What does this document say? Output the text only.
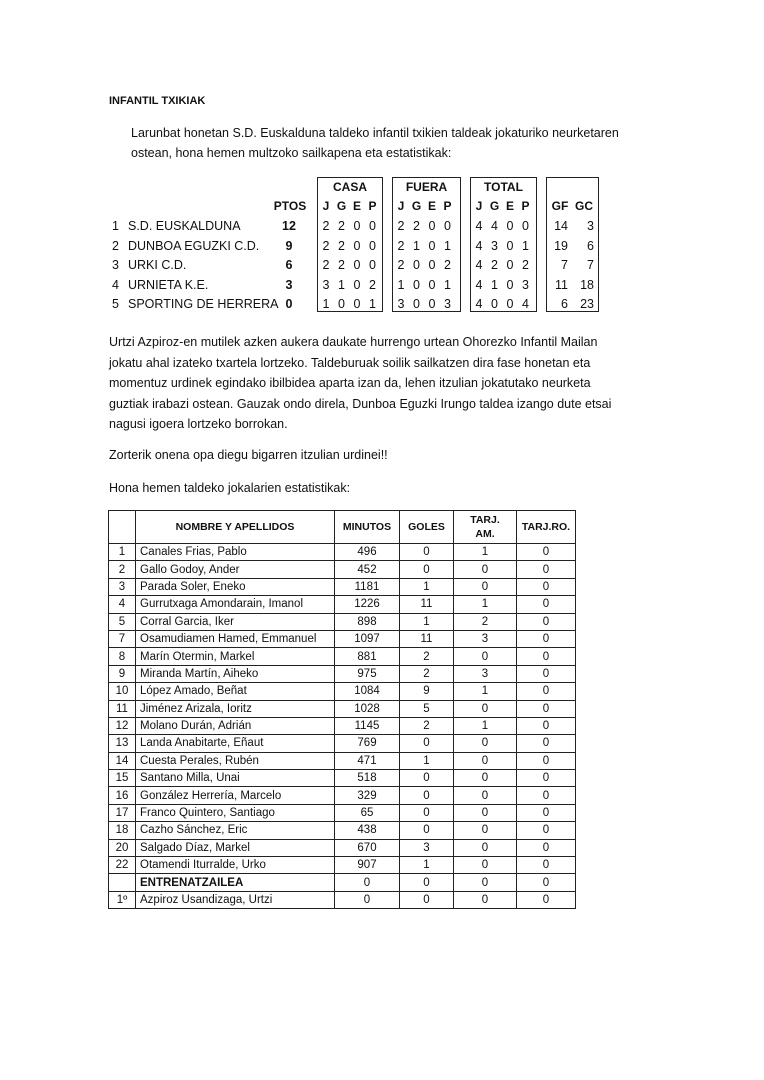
INFANTIL TXIKIAK
Larunbat honetan S.D. Euskalduna taldeko infantil txikien taldeak jokaturiko neurketaren
ostean, hona hemen multzoko sailkapena eta estatistikak:
CASA	FUERA	TOTAL
PTOS	J G E P	J G E P	J G E P	GF GC
1 S.D. EUSKALDUNA	12	2 2 0 0	2 2 0 0	4 4 0 0	14	3
2 DUNBOA EGUZKI C.D.	9	2 2 0 0	2 1 0 1	4 3 0 1	19	6
3 URKI C.D.	6	2 2 0 0	2 0 0 2	4 2 0 2	7	7
4 URNIETA K.E.	3	3 1 0 2	1 0 0 1	4 1 0 3	11 18
5 SPORTING DE HERRERA 0	1 0 0 1	3 0 0 3	4 0 0 4	6 23
Urtzi Azpiroz-en mutilek azken aukera daukate hurrengo urtean Ohorezko Infantil Mailan
jokatu ahal izateko txartela lortzeko. Taldeburuak soilik sailkatzen dira fase honetan eta
momentuz urdinek egindako ibilbidea aparta izan da, lehen itzulian jokatutako neurketa
guztiak irabazi ostean. Gauzak ondo direla, Dunboa Eguzki Irungo taldea izango dute etsai
nagusi igoera lortzeko borrokan.
Zorterik onena opa diegu bigarren itzulian urdinei!!
Hona hemen taldeko jokalarien estatistikak:
	NOMBRE Y APELLIDOS	MINUTOS	GOLES	TARJ.
AM.	TARJ.RO.
1	Canales Frias, Pablo	496	0	1	0
2	Gallo Godoy, Ander	452	0	0	0
3	Parada Soler, Eneko	1181	1	0	0
4	Gurrutxaga Amondarain, Imanol	1226	11	1	0
5	Corral Garcia, Iker	898	1	2	0
7	Osamudiamen Hamed, Emmanuel	1097	11	3	0
8	Marín Otermin, Markel	881	2	0	0
9	Miranda Martín, Aiheko	975	2	3	0
10	López Amado, Beñat	1084	9	1	0
11	Jiménez Arizala, Ioritz	1028	5	0	0
12	Molano Durán, Adrián	1145	2	1	0
13	Landa Anabitarte, Eñaut	769	0	0	0
14	Cuesta Perales, Rubén	471	1	0	0
15	Santano Milla, Unai	518	0	0	0
16	González Herrería, Marcelo	329	0	0	0
17	Franco Quintero, Santiago	65	0	0	0
18	Cazho Sánchez, Eric	438	0	0	0
20	Salgado Díaz, Markel	670	3	0	0
22	Otamendi Iturralde, Urko	907	1	0	0
	ENTRENATZAILEA	0	0	0	0
1º	Azpiroz Usandizaga, Urtzi	0	0	0	0
